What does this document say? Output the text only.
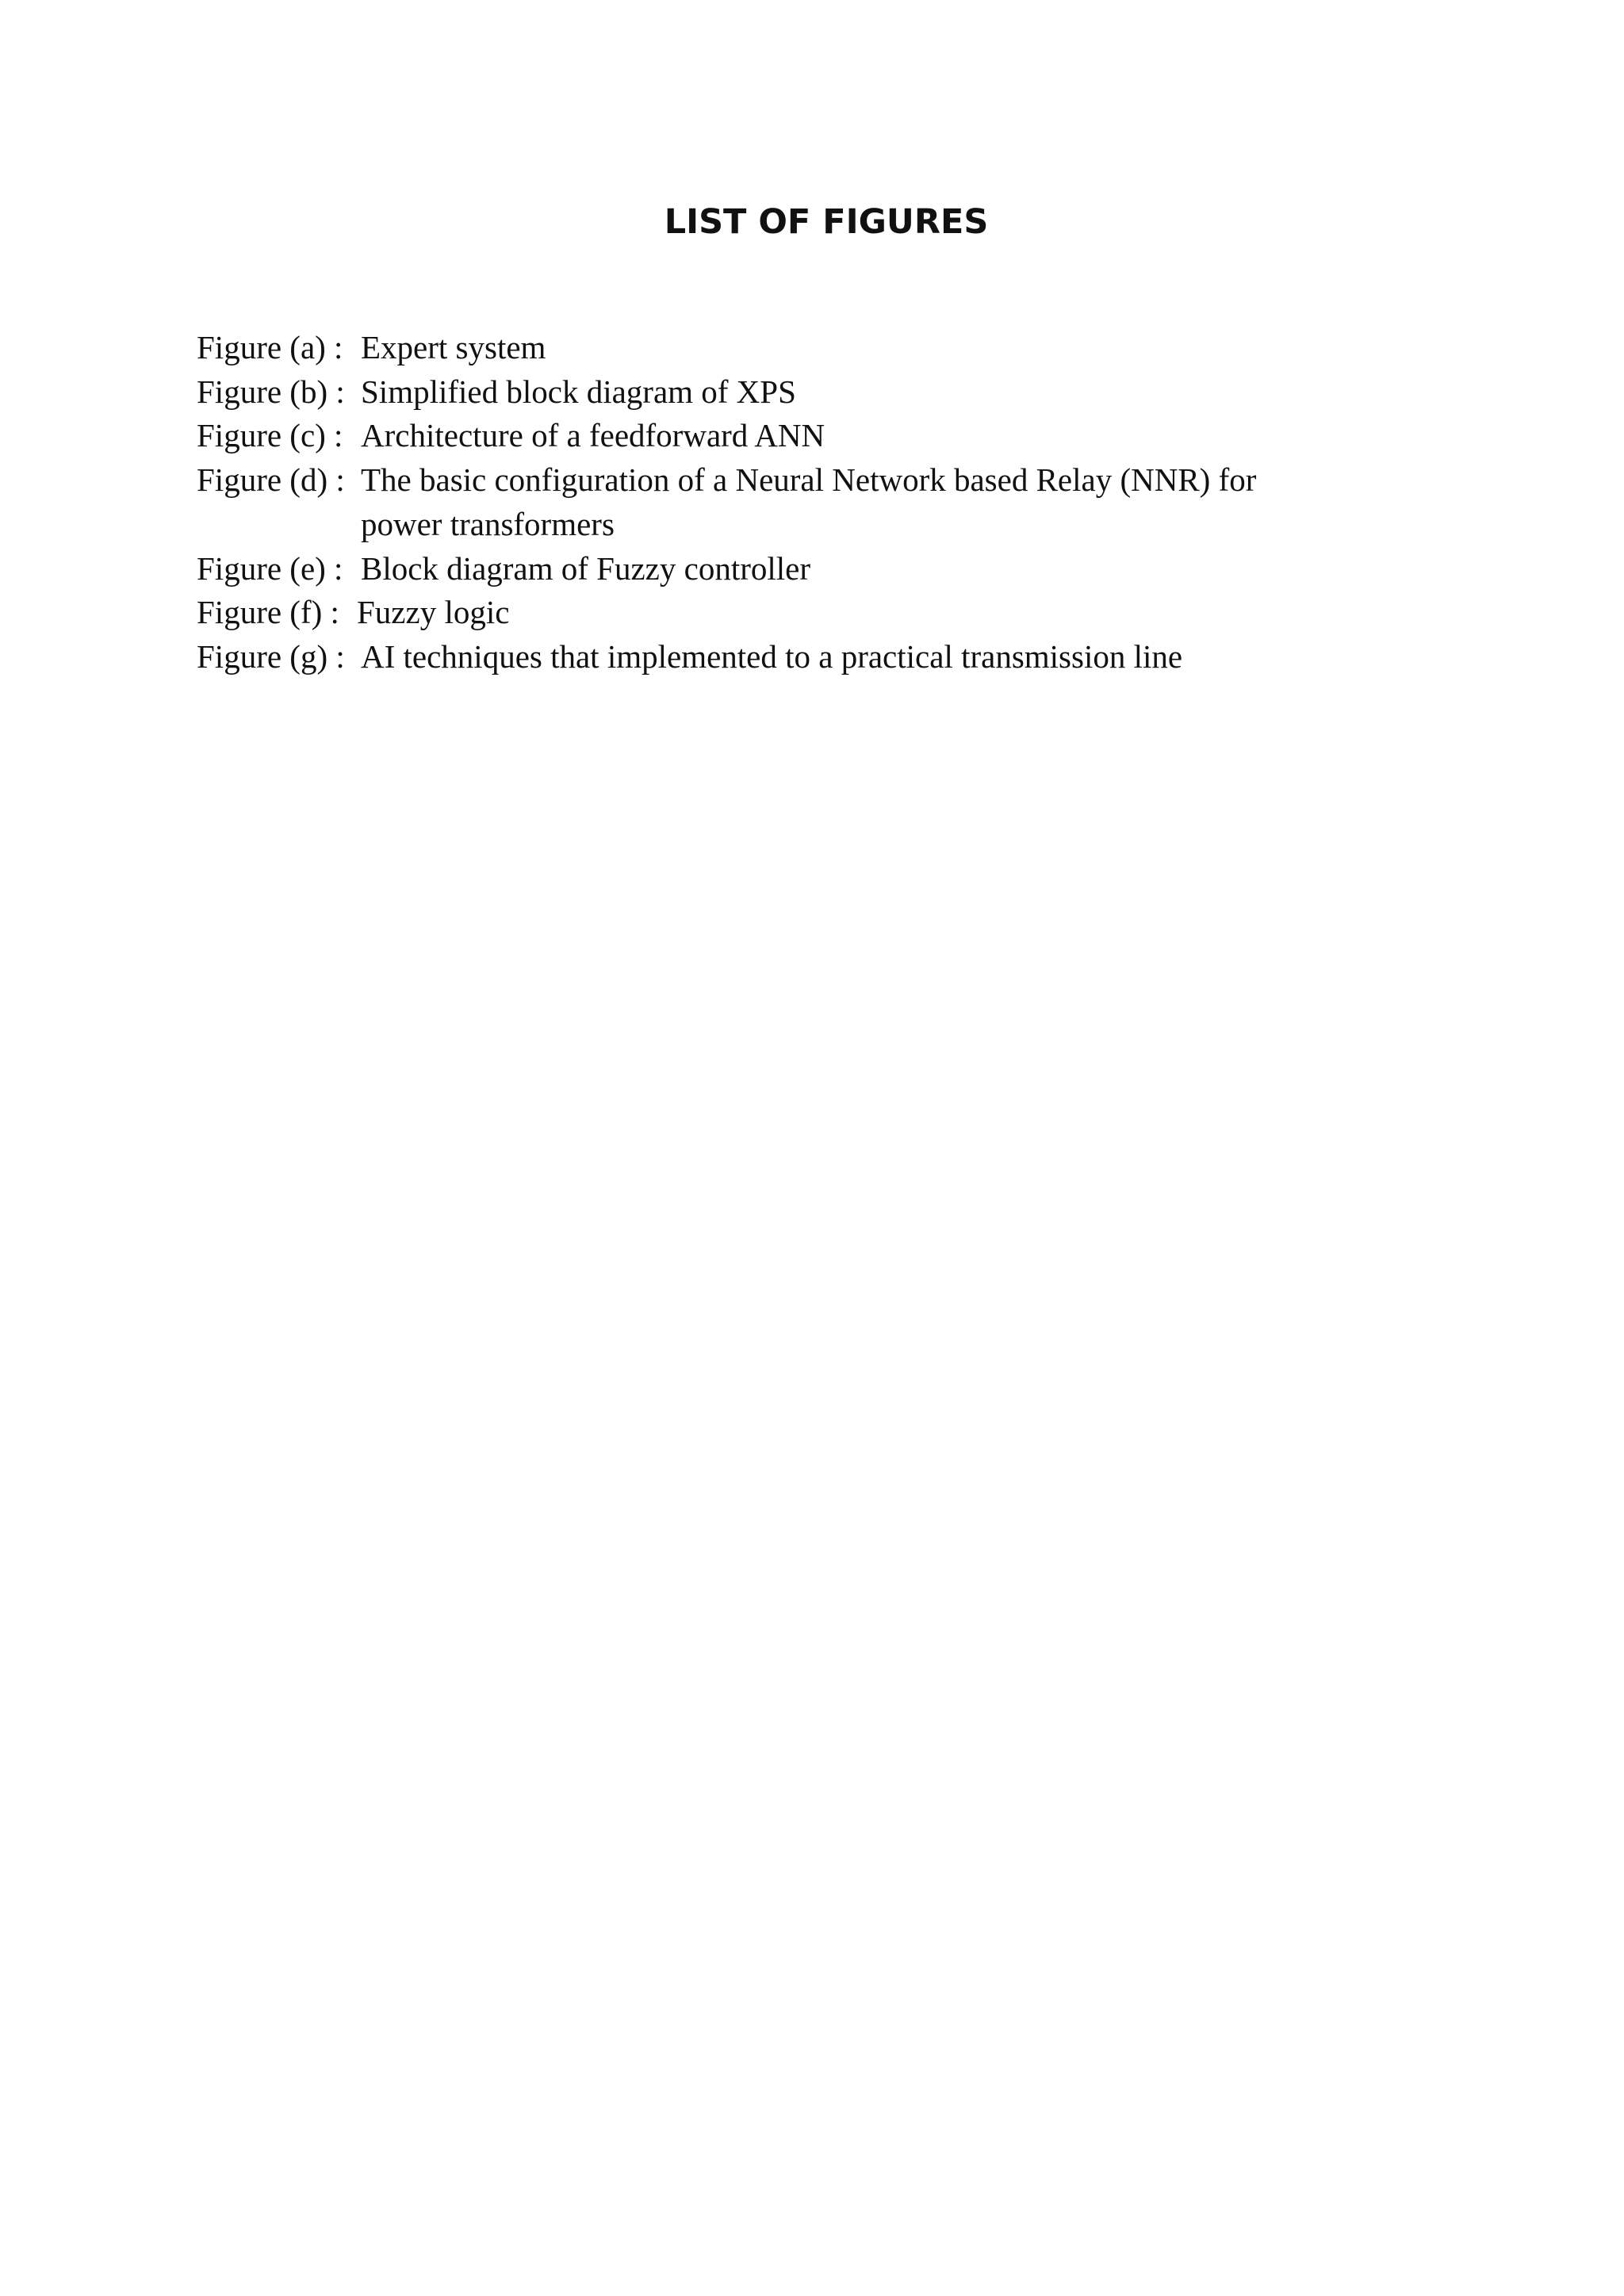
LIST OF FIGURES
Figure (a) : Expert system
Figure (b) : Simplified block diagram of XPS
Figure (c) : Architecture of a feedforward ANN
Figure (d) : The basic configuration of a Neural Network based Relay (NNR) for power transformers
Figure (e) : Block diagram of Fuzzy controller
Figure (f) : Fuzzy logic
Figure (g) : AI techniques that implemented to a practical transmission line
